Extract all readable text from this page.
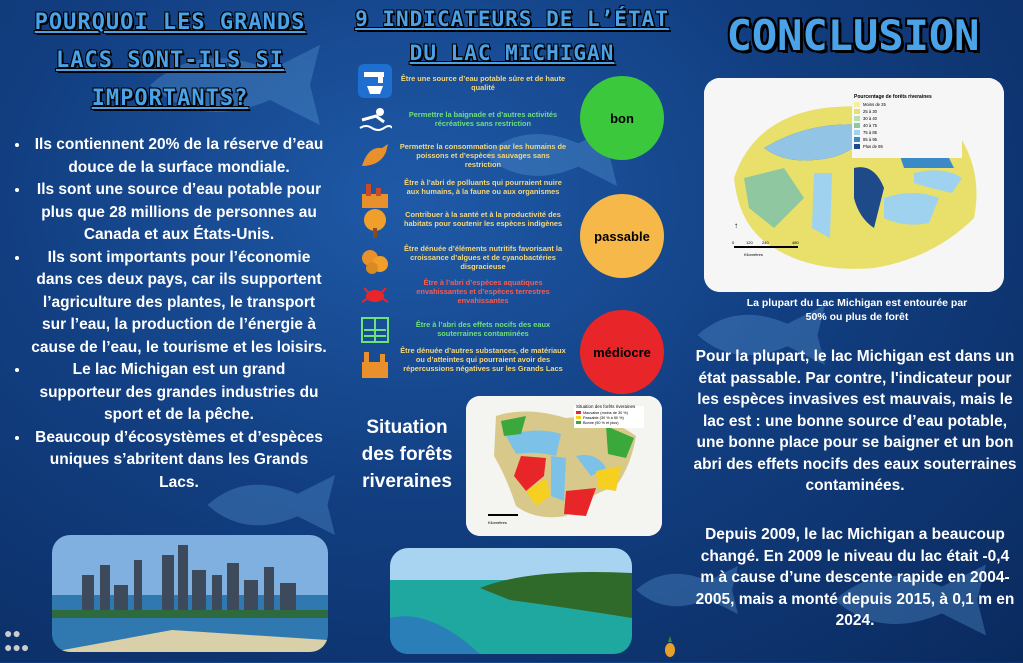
POURQUOI LES GRANDS LACS SONT-ILS SI IMPORTANTS?
• Ils contiennent 20% de la réserve d’eau douce de la surface mondiale.
• Ils sont une source d’eau potable pour plus que 28 millions de personnes au Canada et aux États-Unis.
• Ils sont importants pour l’économie dans ces deux pays, car ils supportent l’agriculture des plantes, le transport sur l’eau, la production de l’énergie à cause de l’eau, le tourisme et les loisirs.
• Le lac Michigan est un grand supporteur des grandes industries du sport et de la pêche.
• Beaucoup d’écosystèmes et d’espèces uniques s’abritent dans les Grands Lacs.
●●
●●●
9 INDICATEURS DE L’ÉTAT DU LAC MICHIGAN
Être une source d’eau potable sûre et de haute qualité
Permettre la baignade et d’autres activités récréatives sans restriction
Permettre la consommation par les humains de poissons et d’espèces sauvages sans restriction
Être à l’abri de polluants qui pourraient nuire aux humains, à la faune ou aux organismes
Contribuer à la santé et à la productivité des habitats pour soutenir les espèces indigènes
Être dénuée d’éléments nutritifs favorisant la croissance d’algues et de cyanobactéries disgracieuse
Être à l’abri d’espèces aquatiques envahissantes et d’espèces terrestres envahissantes
Être à l’abri des effets nocifs des eaux souterraines contaminées
Être dénuée d’autres substances, de matériaux ou d’atteintes qui pourraient avoir des répercussions négatives sur les Grands Lacs
bon
passable
médiocre
Situation des forêts riveraines
Situation des forêts riveraines
Mauvaise (moins de 30 %)
Passable (30 % à 50 %)
Bonne (50 % et plus)
Kilomètres
CONCLUSION
Pourcentage de forêts riveraines
Moins de 25
25 à 30
30 à 40
40 à 75
75 à 85
85 à 95
Plus de 95
↑
0	120 240	480
Kilomètres
La plupart du Lac Michigan est entourée par 50% ou plus de forêt
Pour la plupart, le lac Michigan est dans un état passable. Par contre, l'indicateur pour les espèces invasives est mauvais, mais le lac est : une bonne source d’eau potable, une bonne place pour se baigner et un bon abri des effets nocifs des eaux souterraines contaminées.
Depuis 2009, le lac Michigan a beaucoup changé. En 2009 le niveau du lac était -0,4 m à cause d’une descente rapide en 2004-2005, mais a monté depuis 2015, à 0,1 m en 2024.
